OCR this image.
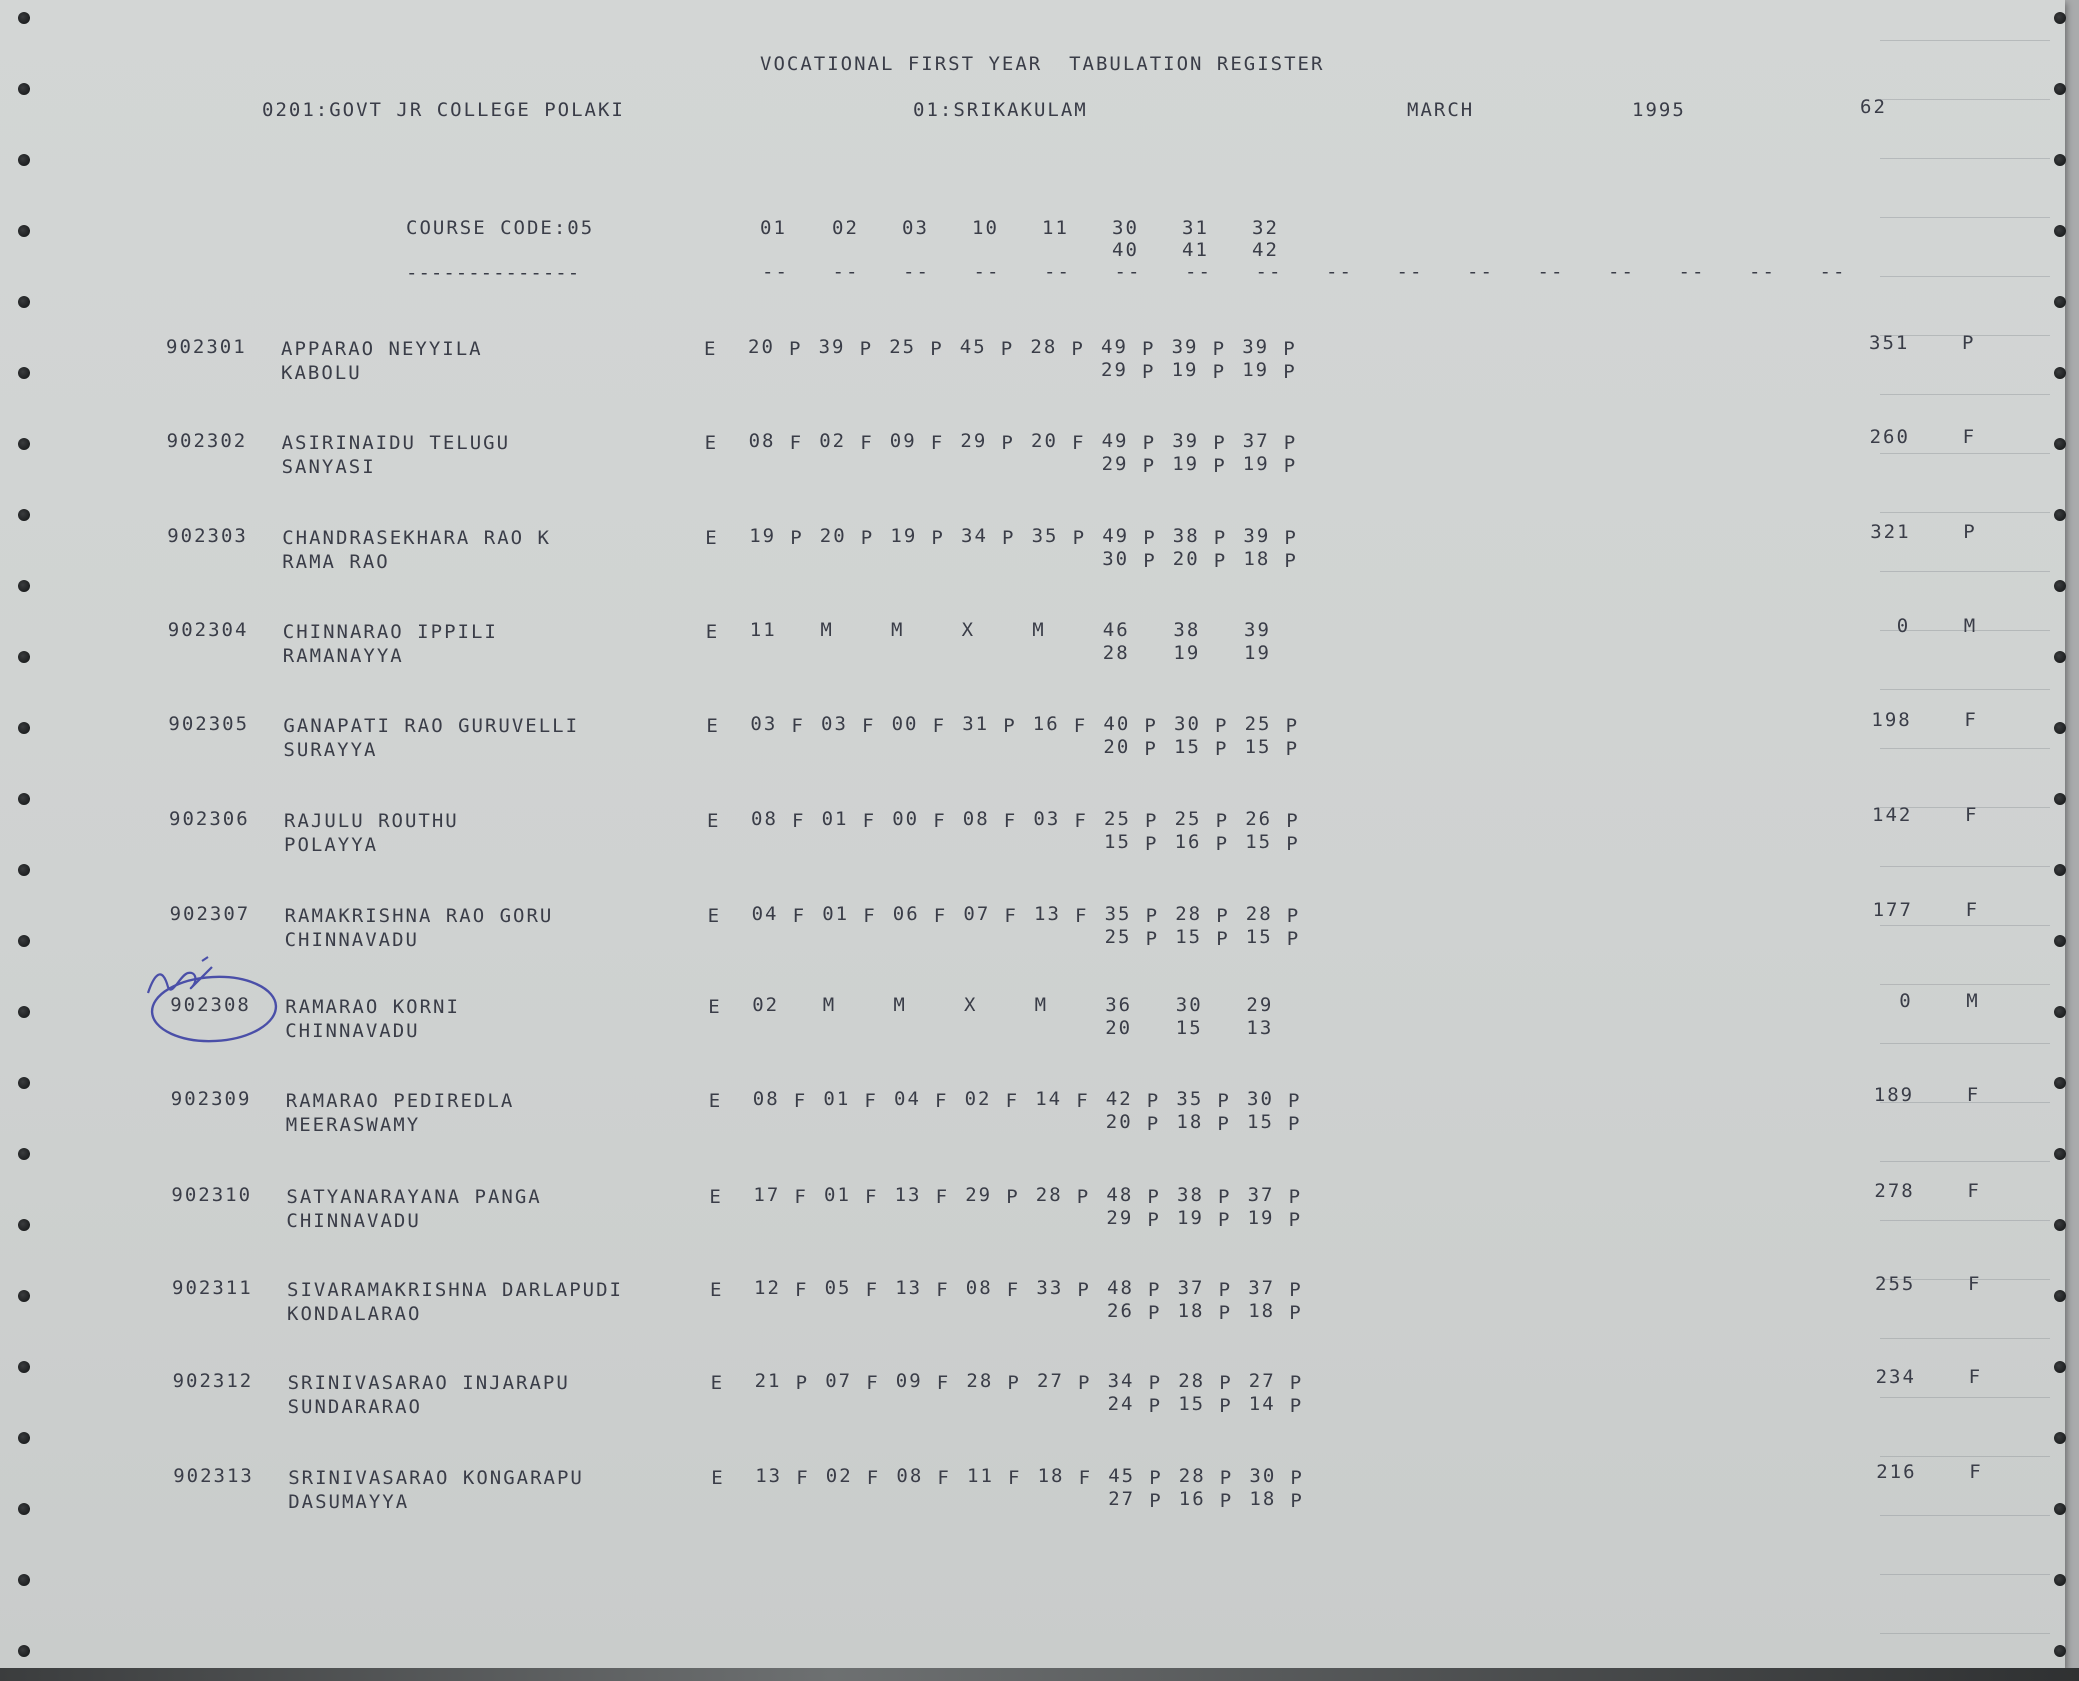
VOCATIONAL FIRST YEAR  TABULATION REGISTER
0201:GOVT JR COLLEGE POLAKI	01:SRIKAKULAM	MARCH	1995	62
COURSE CODE:05
--------------
01 02 03 10 11 30 31 32
40 41 42
-- -- -- -- -- -- -- -- -- -- -- -- -- -- -- --
902301 APPARAO NEYYILA
KABOLU
E 20 P 39 P 25 P 45 P 28 P 49 P 39 P 39 P
29 P 19 P 19 P
351	P
902302 ASIRINAIDU TELUGU
SANYASI
E 08 F 02 F 09 F 29 P 20 F 49 P 39 P 37 P
29 P 19 P 19 P
260	F
902303 CHANDRASEKHARA RAO K
RAMA RAO
E 19 P 20 P 19 P 34 P 35 P 49 P 38 P 39 P
30 P 20 P 18 P
321	P
902304 CHINNARAO IPPILI
RAMANAYYA
E 11 M	M	X	M	46 38 39
28 19 19
0	M
902305 GANAPATI RAO GURUVELLI
SURAYYA
E 03 F 03 F 00 F 31 P 16 F 40 P 30 P 25 P
20 P 15 P 15 P
198	F
902306 RAJULU ROUTHU
POLAYYA
E 08 F 01 F 00 F 08 F 03 F 25 P 25 P 26 P
15 P 16 P 15 P
142	F
902307 RAMAKRISHNA RAO GORU
CHINNAVADU
E 04 F 01 F 06 F 07 F 13 F 35 P 28 P 28 P
25 P 15 P 15 P
177	F
902308 RAMARAO KORNI
CHINNAVADU
E 02 M	M	X	M	36 30 29
20 15 13
0	M
902309 RAMARAO PEDIREDLA
MEERASWAMY
E 08 F 01 F 04 F 02 F 14 F 42 P 35 P 30 P
20 P 18 P 15 P
189	F
902310 SATYANARAYANA PANGA
CHINNAVADU
E 17 F 01 F 13 F 29 P 28 P 48 P 38 P 37 P
29 P 19 P 19 P
278	F
902311 SIVARAMAKRISHNA DARLAPUDI
KONDALARAO
E 12 F 05 F 13 F 08 F 33 P 48 P 37 P 37 P
26 P 18 P 18 P
255	F
902312 SRINIVASARAO INJARAPU
SUNDARARAO
E 21 P 07 F 09 F 28 P 27 P 34 P 28 P 27 P
24 P 15 P 14 P
234	F
902313 SRINIVASARAO KONGARAPU
DASUMAYYA
E 13 F 02 F 08 F 11 F 18 F 45 P 28 P 30 P
27 P 16 P 18 P
216	F
